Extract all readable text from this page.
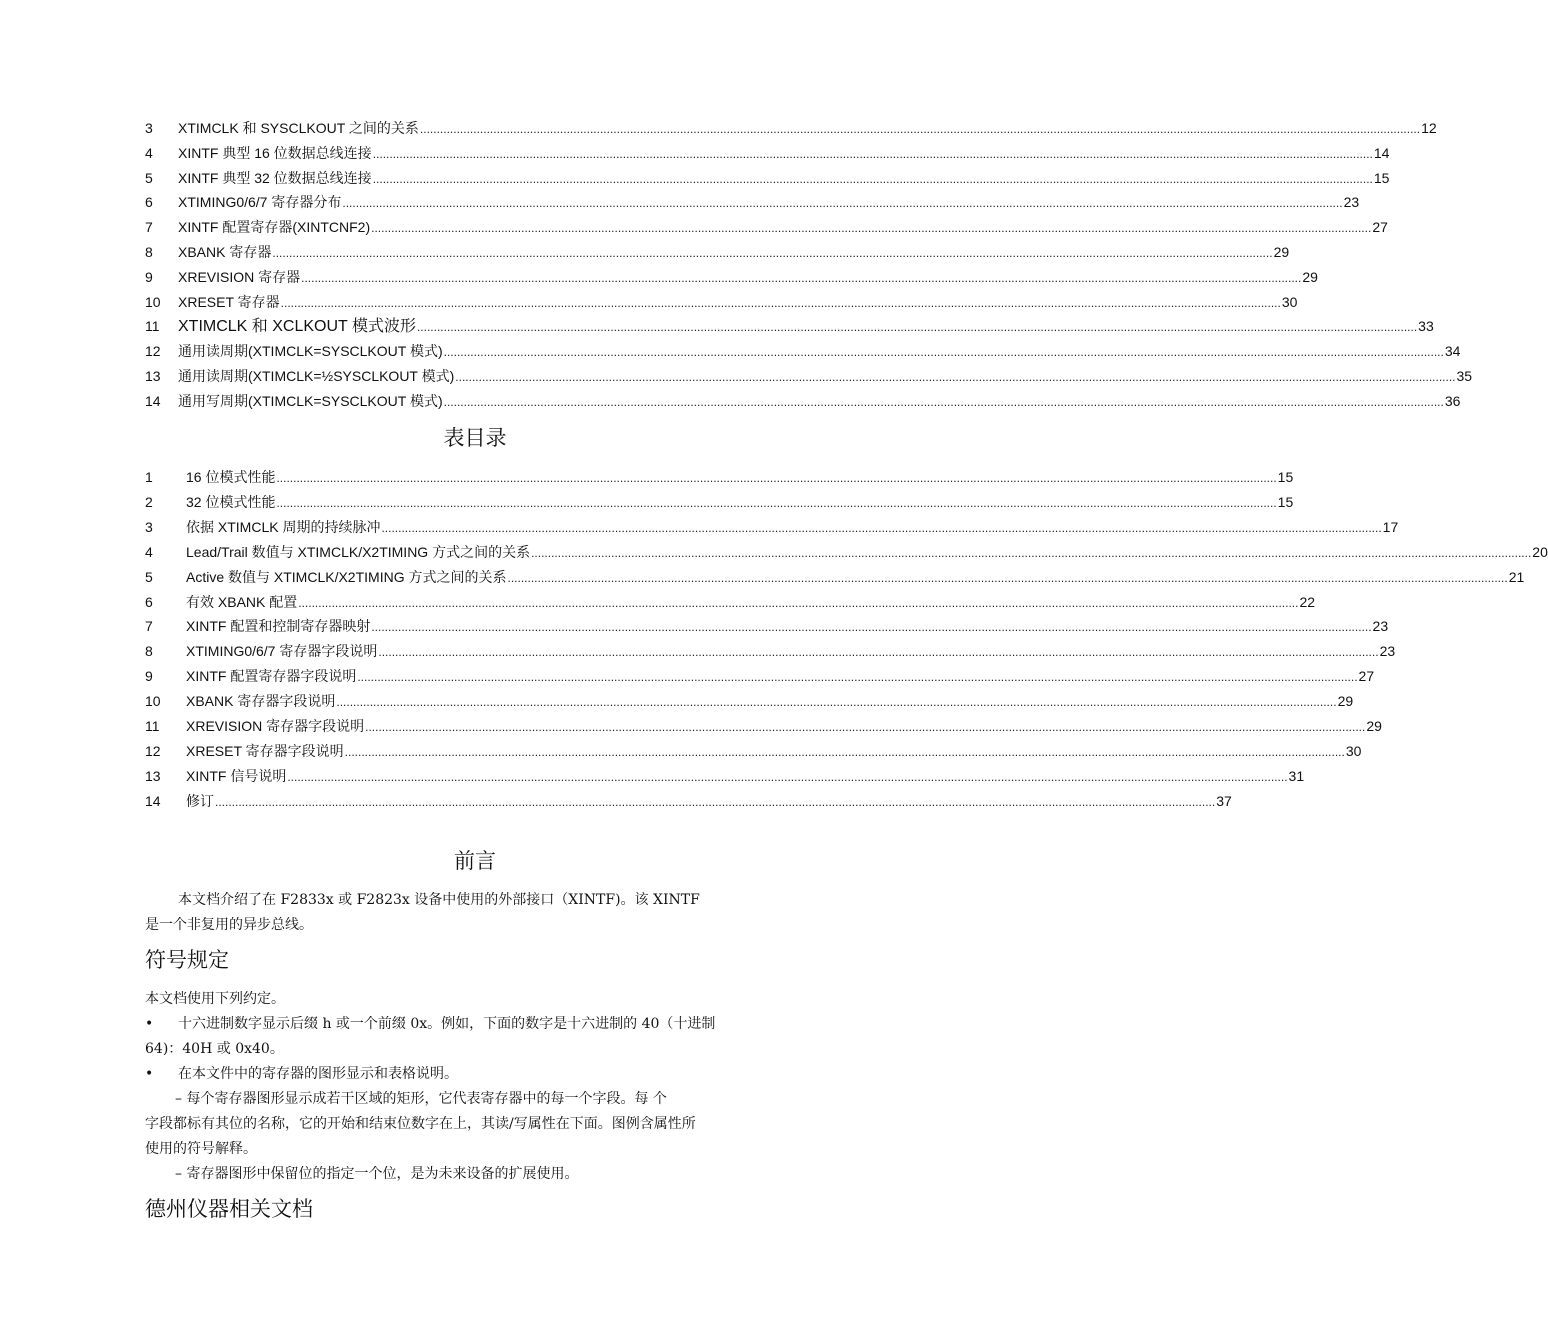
3	XTIMCLK 和 SYSCLKOUT 之间的关系 ............................................................................................................................................................................................................................................................................................................ 12
4	XINTF 典型 16 位数据总线连接 ............................................................................................................................................................................................................................................................................................................ 14
5	XINTF 典型 32 位数据总线连接 ............................................................................................................................................................................................................................................................................................................ 15
6	XTIMING0/6/7 寄存器分布 ............................................................................................................................................................................................................................................................................................................ 23
7	XINTF 配置寄存器(XINTCNF2) ............................................................................................................................................................................................................................................................................................................ 27
8	XBANK 寄存器 ............................................................................................................................................................................................................................................................................................................ 29
9	XREVISION 寄存器 ............................................................................................................................................................................................................................................................................................................ 29
10	XRESET 寄存器 ............................................................................................................................................................................................................................................................................................................ 30
11	XTIMCLK 和 XCLKOUT 模式波形 ............................................................................................................................................................................................................................................................................................................ 33
12	通用读周期(XTIMCLK=SYSCLKOUT 模式) ............................................................................................................................................................................................................................................................................................................ 34
13	通用读周期(XTIMCLK=½SYSCLKOUT 模式) ............................................................................................................................................................................................................................................................................................................ 35
14	通用写周期(XTIMCLK=SYSCLKOUT 模式) ............................................................................................................................................................................................................................................................................................................ 36
表目录
1	16 位模式性能 ............................................................................................................................................................................................................................................................................................................ 15
2	32 位模式性能 ............................................................................................................................................................................................................................................................................................................ 15
3	依据 XTIMCLK 周期的持续脉冲 ............................................................................................................................................................................................................................................................................................................ 17
4	Lead/Trail 数值与 XTIMCLK/X2TIMING 方式之间的关系 ............................................................................................................................................................................................................................................................................................................ 20
5	Active 数值与 XTIMCLK/X2TIMING 方式之间的关系 ............................................................................................................................................................................................................................................................................................................ 21
6	有效 XBANK 配置 ............................................................................................................................................................................................................................................................................................................ 22
7	XINTF 配置和控制寄存器映射 ............................................................................................................................................................................................................................................................................................................ 23
8	XTIMING0/6/7 寄存器字段说明 ............................................................................................................................................................................................................................................................................................................ 23
9	XINTF 配置寄存器字段说明 ............................................................................................................................................................................................................................................................................................................ 27
10	XBANK 寄存器字段说明 ............................................................................................................................................................................................................................................................................................................ 29
11	XREVISION 寄存器字段说明 ............................................................................................................................................................................................................................................................................................................ 29
12	XRESET 寄存器字段说明 ............................................................................................................................................................................................................................................................................................................ 30
13	XINTF 信号说明 ............................................................................................................................................................................................................................................................................................................ 31
14	修订 ............................................................................................................................................................................................................................................................................................................ 37
前言
本文档介绍了在 F2833x 或 F2823x 设备中使用的外部接口（XINTF)。该 XINTF
是一个非复用的异步总线。
符号规定
本文档使用下列约定。
•	十六进制数字显示后缀 h 或一个前缀 0x。例如，下面的数字是十六进制的 40（十进制
64)：40H 或 0x40。
•	在本文件中的寄存器的图形显示和表格说明。
– 每个寄存器图形显示成若干区域的矩形，它代表寄存器中的每一个字段。每 个
字段都标有其位的名称，它的开始和结束位数字在上，其读/写属性在下面。图例含属性所
使用的符号解释。
– 寄存器图形中保留位的指定一个位，是为未来设备的扩展使用。
德州仪器相关文档
